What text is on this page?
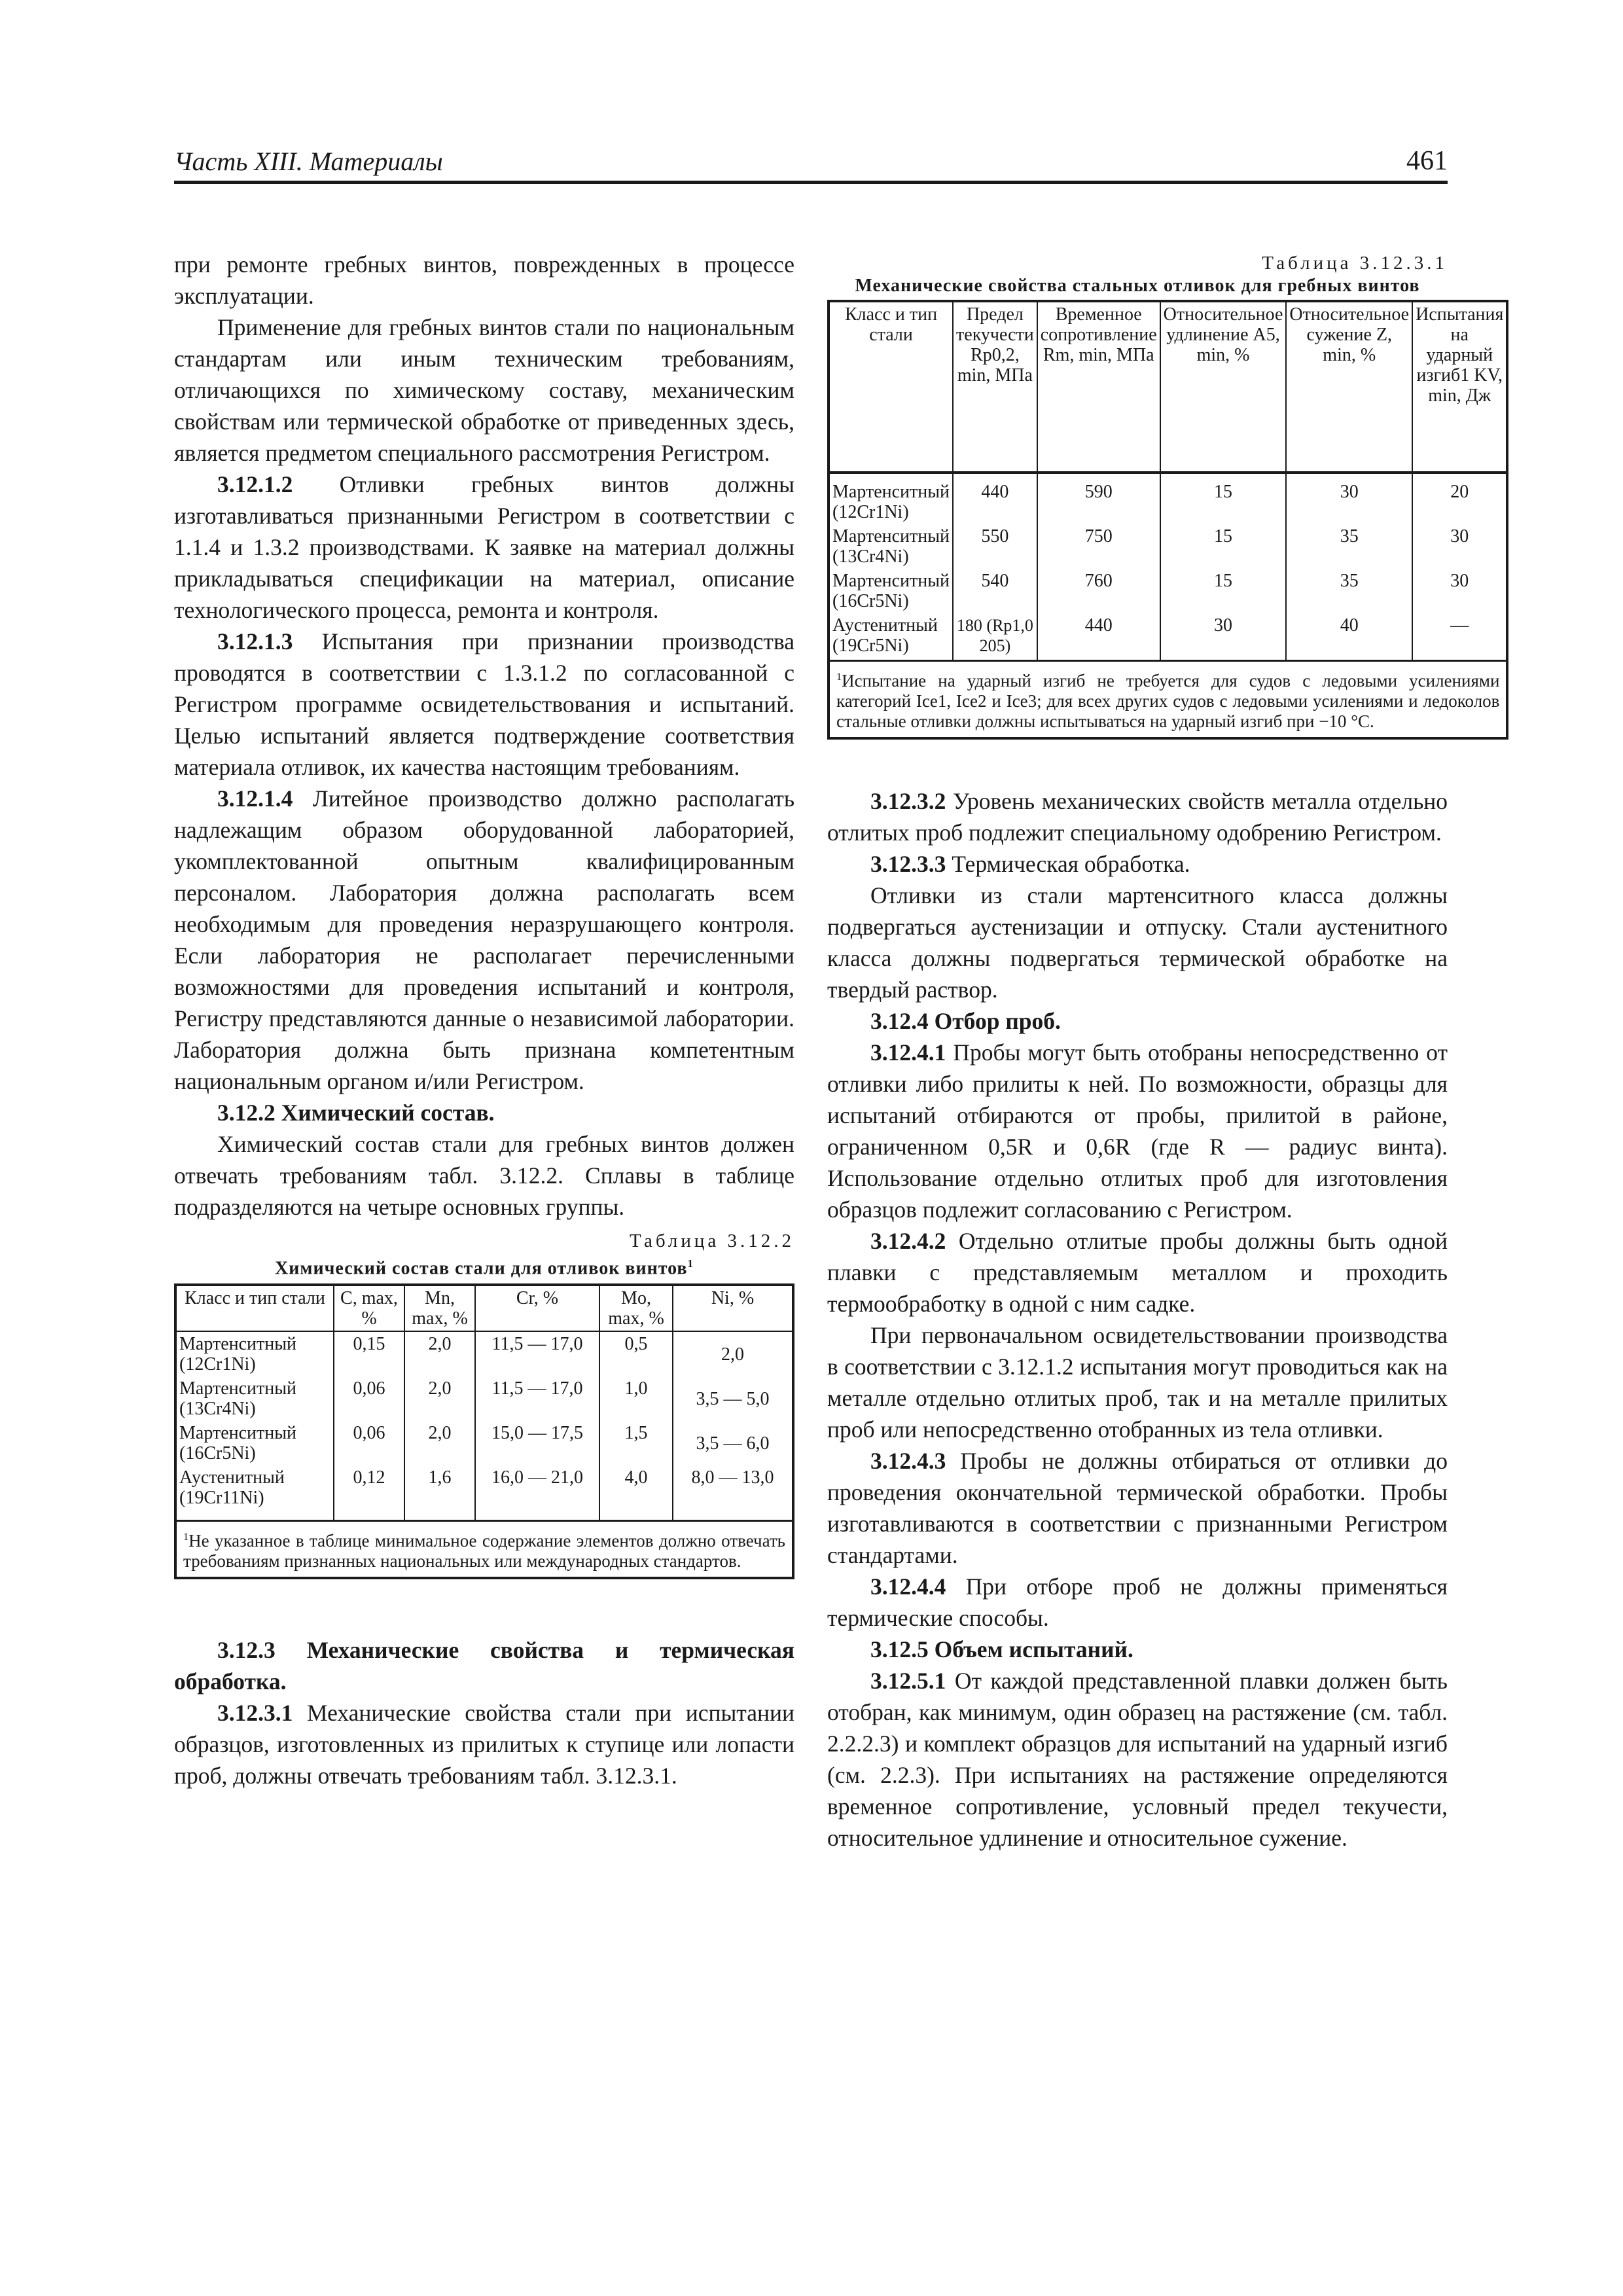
Часть XIII. Материалы	461

при ремонте гребных винтов, поврежденных в процессе эксплуатации.

Применение для гребных винтов стали по национальным стандартам или иным техническим требованиям, отличающихся по химическому составу, механическим свойствам или термической обработке от приведенных здесь, является предметом специального рассмотрения Регистром.

3.12.1.2 Отливки гребных винтов должны изготавливаться признанными Регистром в соответствии с 1.1.4 и 1.3.2 производствами. К заявке на материал должны прикладываться спецификации на материал, описание технологического процесса, ремонта и контроля.

3.12.1.3 Испытания при признании производства проводятся в соответствии с 1.3.1.2 по согласованной с Регистром программе освидетельствования и испытаний. Целью испытаний является подтверждение соответствия материала отливок, их качества настоящим требованиям.

3.12.1.4 Литейное производство должно располагать надлежащим образом оборудованной лабораторией, укомплектованной опытным квалифицированным персоналом. Лаборатория должна располагать всем необходимым для проведения неразрушающего контроля. Если лаборатория не располагает перечисленными возможностями для проведения испытаний и контроля, Регистру представляются данные о независимой лаборатории. Лаборатория должна быть признана компетентным национальным органом и/или Регистром.

3.12.2 Химический состав.

Химический состав стали для гребных винтов должен отвечать требованиям табл. 3.12.2. Сплавы в таблице подразделяются на четыре основных группы.

Таблица 3.12.2
Химический состав стали для отливок винтов$^1$
Класс и тип стали	C, max, %	Mn, max, %	Cr, %	Mo, max, %	Ni, %
Мартенситный (12Cr1Ni)	0,15	2,0	11,5 — 17,0	0,5	2,0
Мартенситный (13Cr4Ni)	0,06	2,0	11,5 — 17,0	1,0	3,5 — 5,0
Мартенситный (16Cr5Ni)	0,06	2,0	15,0 — 17,5	1,5	3,5 — 6,0
Аустенитный (19Cr11Ni)	0,12	1,6	16,0 — 21,0	4,0	8,0 — 13,0
$^1$Не указанное в таблице минимальное содержание элементов должно отвечать требованиям признанных национальных или международных стандартов.					

3.12.3 Механические свойства и термическая обработка.

3.12.3.1 Механические свойства стали при испытании образцов, изготовленных из прилитых к ступице или лопасти проб, должны отвечать требованиям табл. 3.12.3.1.

Таблица 3.12.3.1
Механические свойства стальных отливок для гребных винтов
Класс и тип стали	Предел текучести Rp0,2, min, МПа	Временное сопротивление Rm, min, МПа	Относительное удлинение A5, min, %	Относительное сужение Z, min, %	Испытания на ударный изгиб1 KV, min, Дж
Мартенситный (12Cr1Ni)	440	590	15	30	20
Мартенситный (13Cr4Ni)	550	750	15	35	30
Мартенситный (16Cr5Ni)	540	760	15	35	30
Аустенитный (19Cr5Ni)	180 (Rp1,0 205)	440	30	40	—
$^1$Испытание на ударный изгиб не требуется для судов с ледовыми усилениями категорий Ice1, Ice2 и Ice3; для всех других судов с ледовыми усилениями и ледоколов стальные отливки должны испытываться на ударный изгиб при −10 °C.					

3.12.3.2 Уровень механических свойств металла отдельно отлитых проб подлежит специальному одобрению Регистром.

3.12.3.3 Термическая обработка.

Отливки из стали мартенситного класса должны подвергаться аустенизации и отпуску. Стали аустенитного класса должны подвергаться термической обработке на твердый раствор.

3.12.4 Отбор проб.

3.12.4.1 Пробы могут быть отобраны непосредственно от отливки либо прилиты к ней. По возможности, образцы для испытаний отбираются от пробы, прилитой в районе, ограниченном 0,5R и 0,6R (где R — радиус винта). Использование отдельно отлитых проб для изготовления образцов подлежит согласованию с Регистром.

3.12.4.2 Отдельно отлитые пробы должны быть одной плавки с представляемым металлом и проходить термообработку в одной с ним садке.

При первоначальном освидетельствовании производства в соответствии с 3.12.1.2 испытания могут проводиться как на металле отдельно отлитых проб, так и на металле прилитых проб или непосредственно отобранных из тела отливки.

3.12.4.3 Пробы не должны отбираться от отливки до проведения окончательной термической обработки. Пробы изготавливаются в соответствии с признанными Регистром стандартами.

3.12.4.4 При отборе проб не должны применяться термические способы.

3.12.5 Объем испытаний.

3.12.5.1 От каждой представленной плавки должен быть отобран, как минимум, один образец на растяжение (см. табл. 2.2.2.3) и комплект образцов для испытаний на ударный изгиб (см. 2.2.3). При испытаниях на растяжение определяются временное сопротивление, условный предел текучести, относительное удлинение и относительное сужение.
